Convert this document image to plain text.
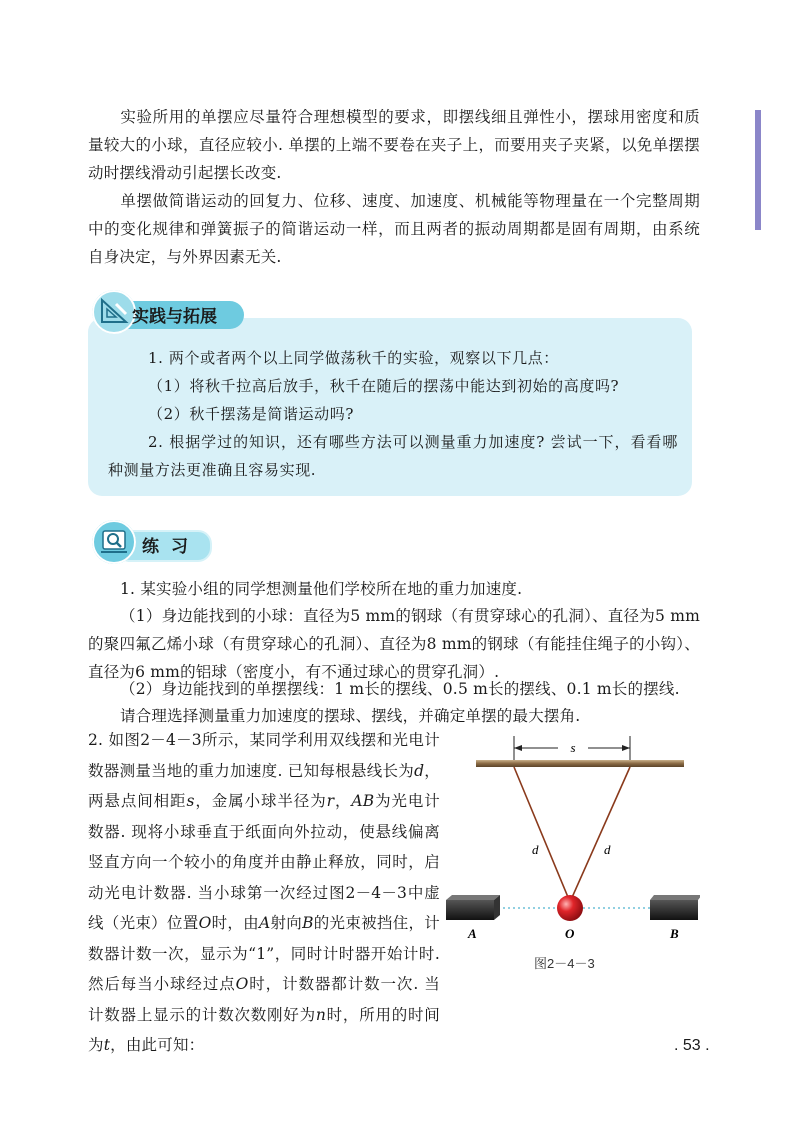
实验所用的单摆应尽量符合理想模型的要求，即摆线细且弹性小，摆球用密度和质量较大的小球，直径应较小. 单摆的上端不要卷在夹子上，而要用夹子夹紧，以免单摆摆动时摆线滑动引起摆长改变.

单摆做简谐运动的回复力、位移、速度、加速度、机械能等物理量在一个完整周期中的变化规律和弹簧振子的简谐运动一样，而且两者的振动周期都是固有周期，由系统自身决定，与外界因素无关.

实践与拓展

1. 两个或者两个以上同学做荡秋千的实验，观察以下几点：

（1）将秋千拉高后放手，秋千在随后的摆荡中能达到初始的高度吗?

（2）秋千摆荡是简谐运动吗?

2. 根据学过的知识，还有哪些方法可以测量重力加速度? 尝试一下，看看哪种测量方法更准确且容易实现.

练习

1. 某实验小组的同学想测量他们学校所在地的重力加速度.

（1）身边能找到的小球：直径为5 mm的钢球（有贯穿球心的孔洞）、直径为5 mm的聚四氟乙烯小球（有贯穿球心的孔洞）、直径为8 mm的钢球（有能挂住绳子的小钩）、直径为6 mm的铝球（密度小，有不通过球心的贯穿孔洞）.

（2）身边能找到的单摆摆线：1 m长的摆线、0.5 m长的摆线、0.1 m长的摆线.

请合理选择测量重力加速度的摆球、摆线，并确定单摆的最大摆角.

2. 如图2－4－3所示，某同学利用双线摆和光电计数器测量当地的重力加速度. 已知每根悬线长为d，两悬点间相距s，金属小球半径为r，AB为光电计数器. 现将小球垂直于纸面向外拉动，使悬线偏离竖直方向一个较小的角度并由静止释放，同时，启动光电计数器. 当小球第一次经过图2－4－3中虚线（光束）位置O时，由A射向B的光束被挡住，计数器计数一次，显示为“1”，同时计时器开始计时. 然后每当小球经过点O时，计数器都计数一次. 当计数器上显示的计数次数刚好为n时，所用的时间为t，由此可知：

s
d	d
A	O	B
图2－4－3
. 53 .
